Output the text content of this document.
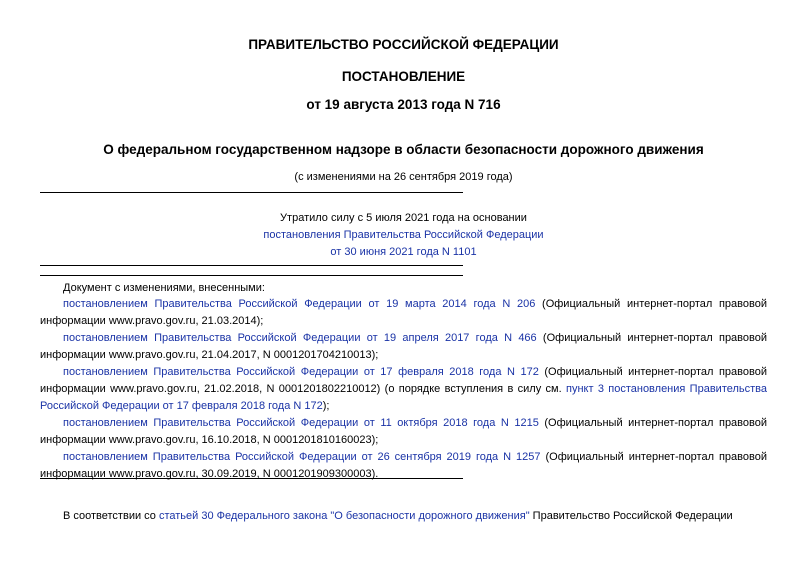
ПРАВИТЕЛЬСТВО РОССИЙСКОЙ ФЕДЕРАЦИИ
ПОСТАНОВЛЕНИЕ
от 19 августа 2013 года N 716
О федеральном государственном надзоре в области безопасности дорожного движения
(с изменениями на 26 сентября 2019 года)
Утратило силу с 5 июля 2021 года на основании
постановления Правительства Российской Федерации
от 30 июня 2021 года N 1101
Документ с изменениями, внесенными:
постановлением Правительства Российской Федерации от 19 марта 2014 года N 206 (Официальный интернет-портал правовой информации www.pravo.gov.ru, 21.03.2014);
постановлением Правительства Российской Федерации от 19 апреля 2017 года N 466 (Официальный интернет-портал правовой информации www.pravo.gov.ru, 21.04.2017, N 0001201704210013);
постановлением Правительства Российской Федерации от 17 февраля 2018 года N 172 (Официальный интернет-портал правовой информации www.pravo.gov.ru, 21.02.2018, N 0001201802210012) (о порядке вступления в силу см. пункт 3 постановления Правительства Российской Федерации от 17 февраля 2018 года N 172);
постановлением Правительства Российской Федерации от 11 октября 2018 года N 1215 (Официальный интернет-портал правовой информации www.pravo.gov.ru, 16.10.2018, N 0001201810160023);
постановлением Правительства Российской Федерации от 26 сентября 2019 года N 1257 (Официальный интернет-портал правовой информации www.pravo.gov.ru, 30.09.2019, N 0001201909300003).
В соответствии со статьей 30 Федерального закона "О безопасности дорожного движения" Правительство Российской Федерации
